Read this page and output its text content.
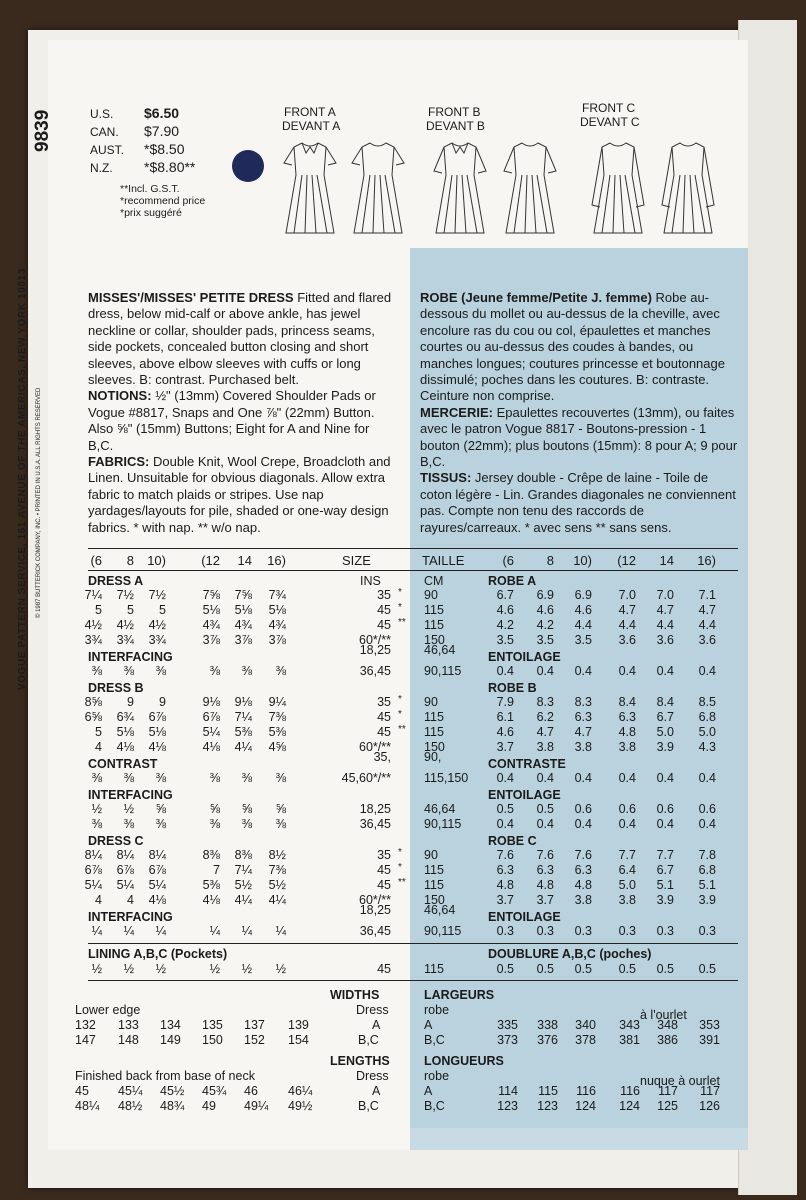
9839
VOGUE PATTERN SERVICE, 161 AVENUE OF THE AMERICAS, NEW YORK 10013 © 1987 BUTTERICK COMPANY, INC. • PRINTED IN U.S.A. ALL RIGHTS RESERVED
U.S. $6.50
CAN. $7.90
AUST. *$8.50
N.Z. *$8.80**
**Incl. G.S.T.
*recommend price
*prix suggéré
FRONT A
DEVANT A
FRONT B
DEVANT B
FRONT C
DEVANT C

MISSES'/MISSES' PETITE DRESS Fitted and flared dress, below mid-calf or above ankle, has jewel neckline or collar, shoulder pads, princess seams, side pockets, concealed button closing and short sleeves, above elbow sleeves with cuffs or long sleeves. B: contrast. Purchased belt.

NOTIONS: ½" (13mm) Covered Shoulder Pads or Vogue #8817, Snaps and One ⅞" (22mm) Button. Also ⅝" (15mm) Buttons; Eight for A and Nine for B,C.

FABRICS: Double Knit, Wool Crepe, Broadcloth and Linen. Unsuitable for obvious diagonals. Allow extra fabric to match plaids or stripes. Use nap yardages/layouts for pile, shaded or one-way design fabrics. * with nap. ** w/o nap.

ROBE (Jeune femme/Petite J. femme) Robe au-dessous du mollet ou au-dessus de la cheville, avec encolure ras du cou ou col, épaulettes et manches courtes ou au-dessus des coudes à bandes, ou manches longues; coutures princesse et boutonnage dissimulé; poches dans les coutures. B: contraste. Ceinture non comprise.

MERCERIE: Epaulettes recouvertes (13mm), ou faites avec le patron Vogue 8817 - Boutons-pression - 1 bouton (22mm); plus boutons (15mm): 8 pour A; 9 pour B,C.

TISSUS: Jersey double - Crêpe de laine - Toile de coton légère - Lin. Grandes diagonales ne conviennent pas. Compte non tenu des raccords de rayures/carreaux. * avec sens ** sans sens.

(6	8	10)	(12	14	16)	SIZE	TAILLE	(6	8	10)	(12	14	16)
DRESS A	ROBE A
INS	CM
7¼	7½	7½	7⅝	7⅝	7¾	35 * 90	6.7	6.9	6.9	7.0	7.0	7.1
5	5	5	5⅛	5⅛	5⅛	45 * 115	4.6	4.6	4.6	4.7	4.7	4.7
4½	4½	4½	4¾	4¾	4¾	45 ** 115	4.2	4.2	4.4	4.4	4.4	4.4
3¾	3¾	3¾	3⅞	3⅞	3⅞	60*/**	150	3.5	3.5	3.5	3.6	3.6	3.6
INTERFACING	ENTOILAGE
18,25	46,64
⅜	⅜	⅜	⅜	⅜	⅜	36,45	90,115	0.4	0.4	0.4	0.4	0.4	0.4
DRESS B	ROBE B
8⅝	9	9	9⅛	9⅛	9¼	35 * 90	7.9	8.3	8.3	8.4	8.4	8.5
6⅝	6¾	6⅞	6⅞	7¼	7⅜	45 * 115	6.1	6.2	6.3	6.3	6.7	6.8
5	5⅛	5⅛	5¼	5⅜	5⅜	45 ** 115	4.6	4.7	4.7	4.8	5.0	5.0
4	4⅛	4⅛	4⅛	4¼	4⅝	60*/**	150	3.7	3.8	3.8	3.8	3.9	4.3
CONTRAST	CONTRASTE
35,	90,
⅜	⅜	⅜	⅜	⅜	⅜	45,60*/**	115,150	0.4	0.4	0.4	0.4	0.4	0.4
INTERFACING	ENTOILAGE
½	½	⅝	⅝	⅝	⅝	18,25	46,64	0.5	0.5	0.6	0.6	0.6	0.6
⅜	⅜	⅜	⅜	⅜	⅜	36,45	90,115	0.4	0.4	0.4	0.4	0.4	0.4
DRESS C	ROBE C
8¼	8¼	8¼	8⅜	8⅜	8½	35 * 90	7.6	7.6	7.6	7.7	7.7	7.8
6⅞	6⅞	6⅞	7	7¼	7⅜	45 * 115	6.3	6.3	6.3	6.4	6.7	6.8
5¼	5¼	5¼	5⅜	5½	5½	45 ** 115	4.8	4.8	4.8	5.0	5.1	5.1
4	4	4⅛	4⅛	4¼	4¼	60*/**	150	3.7	3.7	3.8	3.8	3.9	3.9
INTERFACING	ENTOILAGE
18,25	46,64
¼	¼	¼	¼	¼	¼	36,45	90,115	0.3	0.3	0.3	0.3	0.3	0.3
LINING A,B,C (Pockets)	DOUBLURE A,B,C (poches)
½	½	½	½	½	½	45	115	0.5	0.5	0.5	0.5	0.5	0.5
WIDTHS	LARGEURS
Lower edge	Dress	robe	à l'ourlet
132 133 134 135 137 139	A	A	335	338	340	343	348	353
147 148 149 150 152 154	B,C	B,C	373	376	378	381	386	391
LENGTHS	LONGUEURS
Finished back from base of neck	Dress	robe	nuque à ourlet
45 45¼ 45½ 45¾ 46 46¼	A	A	114	115	116	116	117	117
48¼ 48½ 48¾ 49 49¼ 49½	B,C	B,C	123	123	124	124	125	126
